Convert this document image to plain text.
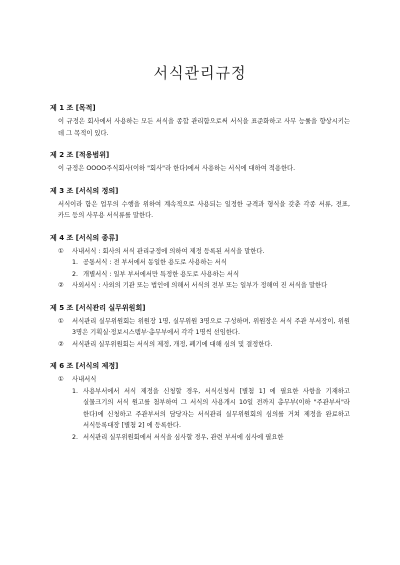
서식관리규정
제 1 조 [목적]
이 규정은 회사에서 사용하는 모든 서식을 종합 관리함으로써 서식을 표준화하고 사무 능률을 향상시키는 데 그 목적이 있다.
제 2 조 [적용범위]
이 규정은 OOOO주식회사(이하 "회사"라 한다)에서 사용하는 서식에 대하여 적용한다.
제 3 조 [서식의 정의]
서식이라 함은 업무의 수행을 위하여 계속적으로 사용되는 일정한 규격과 형식을 갖춘 각종 서류, 전표, 카드 등의 사무용 서식류를 말한다.
제 4 조 [서식의 종류]
① 사내서식 : 회사의 서식 관리규정에 의하여 제정 등록된 서식을 말한다.
1. 공통서식 : 전 부서에서 동일한 용도로 사용하는 서식
2. 개별서식 : 일부 부서에서만 특정한 용도로 사용하는 서식
② 사외서식 : 사외의 기관 또는 법인에 의해서 서식의 전부 또는 일부가 정해여 진 서식을 말한다
제 5 조 [서식관리 실무위원회]
① 서식관리 실무위원회는 위원장 1명, 실무위원 3명으로 구성하며, 위원장은 서식 주관 부서장이, 위원 3명은 기획실·정보시스템부·총무부에서 각각 1명씩 선임한다.
② 서식관리 실무위원회는 서식의 제정, 개정, 폐기에 대해 심의 및 결정한다.
제 6 조 [서식의 제정]
① 사내서식
1. 사용부서에서 서식 제정을 신청할 경우, 서식신청서 [별첨 1] 에 필요한 사항을 기재하고 실물크기의 서식 원고를 첨부하여 그 서식의 사용개시 10일 전까지 총무부(이하 "주관부서"라 한다)에 신청하고 주관부서의 담당자는 서식관리 실무위원회의 심의를 거쳐 제정을 완료하고 서식등록대장 [별첨 2] 에 등록한다.
2. 서식관리 실무위원회에서 서식을 심사할 경우, 관련 부서에 심사에 필요한
